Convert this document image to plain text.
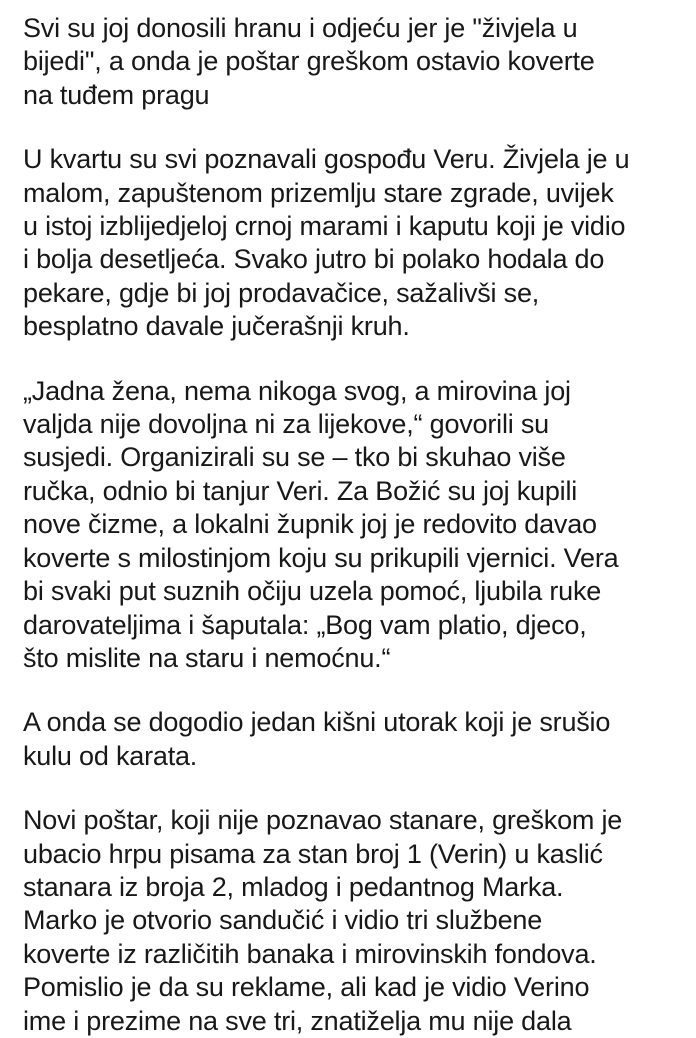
Svi su joj donosili hranu i odjeću jer je "živjela u
bijedi", a onda je poštar greškom ostavio koverte
na tuđem pragu

U kvartu su svi poznavali gospođu Veru. Živjela je u
malom, zapuštenom prizemlju stare zgrade, uvijek
u istoj izblijedjeloj crnoj marami i kaputu koji je vidio
i bolja desetljeća. Svako jutro bi polako hodala do
pekare, gdje bi joj prodavačice, sažalivši se,
besplatno davale jučerašnji kruh.

„Jadna žena, nema nikoga svog, a mirovina joj
valjda nije dovoljna ni za lijekove,“ govorili su
susjedi. Organizirali su se – tko bi skuhao više
ručka, odnio bi tanjur Veri. Za Božić su joj kupili
nove čizme, a lokalni župnik joj je redovito davao
koverte s milostinjom koju su prikupili vjernici. Vera
bi svaki put suznih očiju uzela pomoć, ljubila ruke
darovateljima i šaputala: „Bog vam platio, djeco,
što mislite na staru i nemoćnu.“

A onda se dogodio jedan kišni utorak koji je srušio
kulu od karata.

Novi poštar, koji nije poznavao stanare, greškom je
ubacio hrpu pisama za stan broj 1 (Verin) u kaslić
stanara iz broja 2, mladog i pedantnog Marka.
Marko je otvorio sandučić i vidio tri službene
koverte iz različitih banaka i mirovinskih fondova.
Pomislio je da su reklame, ali kad je vidio Verino
ime i prezime na sve tri, znatiželja mu nije dala
